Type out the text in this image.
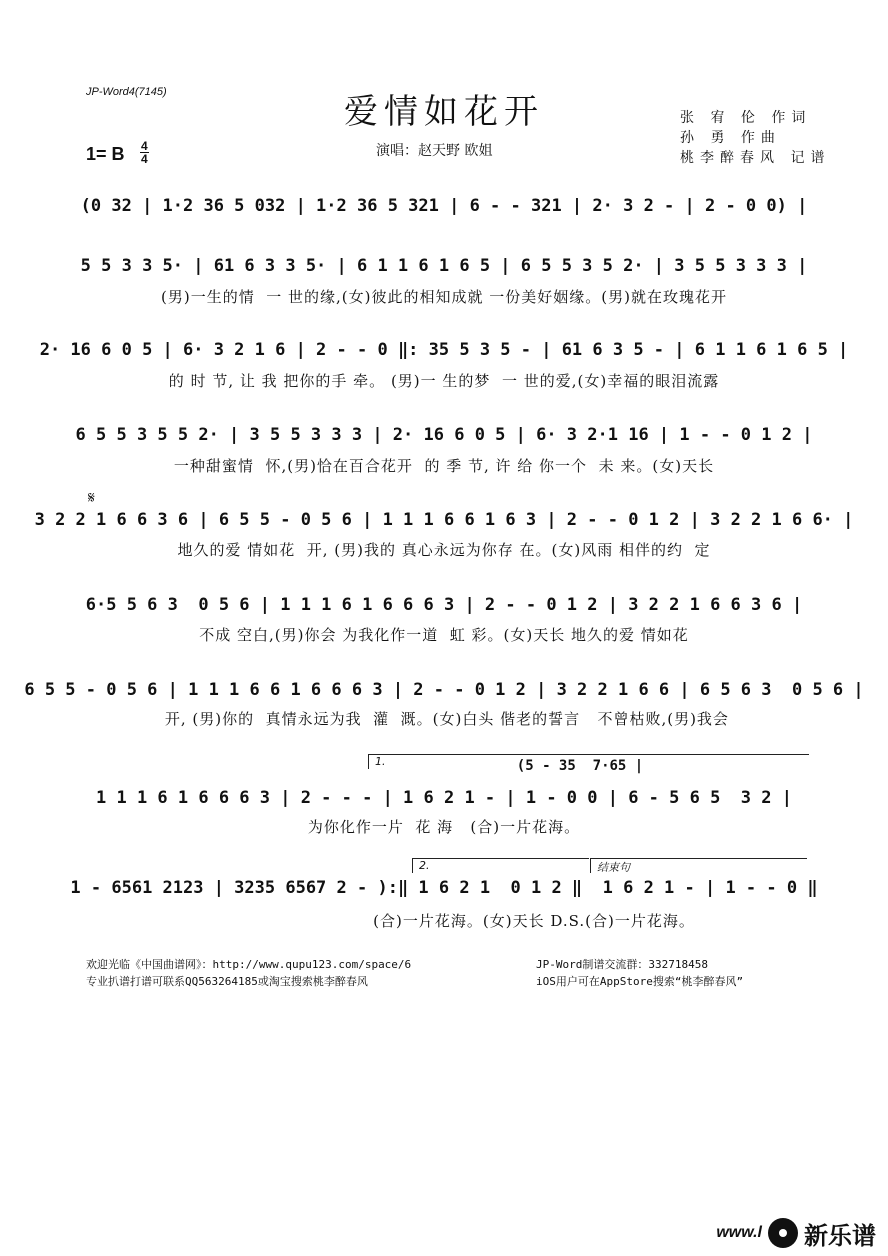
JP-Word4(7145)	爱情如花开
1= B $\frac{4}{4}$	演唱：赵天野 欧姐
张 宥 伦 作词
孙 勇 作曲
桃李醉春风 记谱
(0 32 | 1·2 36 5 032 | 1·2 36 5 321 | 6 - - 321 | 2· 3 2 - | 2 - 0 0) |
5 5 3 3 5· | 61 6 3 3 5· | 6 1 1 6 1 6 5 | 6 5 5 3 5 2· | 3 5 5 3 3 3 |
(男)一生的情  一 世的缘,(女)彼此的相知成就 一份美好姻缘。(男)就在玫瑰花开
2· 16 6 0 5 | 6· 3 2 1 6 | 2 - - 0 ‖: 35 5 3 5 - | 61 6 3 5 - | 6 1 1 6 1 6 5 |
的 时 节, 让 我 把你的手 牵。 (男)一 生的梦  一 世的爱,(女)幸福的眼泪流露
6 5 5 3 5 5 2· | 3 5 5 3 3 3 | 2· 16 6 0 5 | 6· 3 2·1 16 | 1 - - 0 1 2 |
一种甜蜜情  怀,(男)恰在百合花开  的 季 节, 许 给 你一个  未 来。(女)天长
𝄋
3 2 2 1 6 6 3 6 | 6 5 5 - 0 5 6 | 1 1 1 6 6 1 6 3 | 2 - - 0 1 2 | 3 2 2 1 6 6· |
地久的爱 情如花  开, (男)我的 真心永远为你存 在。(女)风雨 相伴的约  定
6·5 5 6 3  0 5 6 | 1 1 1 6 1 6 6 6 3 | 2 - - 0 1 2 | 3 2 2 1 6 6 3 6 |
不成 空白,(男)你会 为我化作一道  虹 彩。(女)天长 地久的爱 情如花
6 5 5 - 0 5 6 | 1 1 1 6 6 1 6 6 6 3 | 2 - - 0 1 2 | 3 2 2 1 6 6 | 6 5 6 3  0 5 6 |
开, (男)你的  真情永远为我  灌  溉。(女)白头 偕老的誓言   不曾枯败,(男)我会
1.	(5 - 35  7·65 |
1 1 1 6 1 6 6 6 3 | 2 - - - | 1 6 2 1 - | 1 - 0 0 | 6 - 5 6 5  3 2 |
为你化作一片  花 海   (合)一片花海。
2.	结束句
1 - 6561 2123 | 3235 6567 2 - ):‖ 1 6 2 1  0 1 2 ‖  1 6 2 1 - | 1 - - 0 ‖
(合)一片花海。(女)天长 D.S.(合)一片花海。
欢迎光临《中国曲谱网》：http://www.qupu123.com/space/6
专业扒谱打谱可联系QQ563264185或淘宝搜索桃李醉春风
JP-Word制谱交流群：332718458
iOS用户可在AppStore搜索“桃李醉春风”
www.l 新乐谱
